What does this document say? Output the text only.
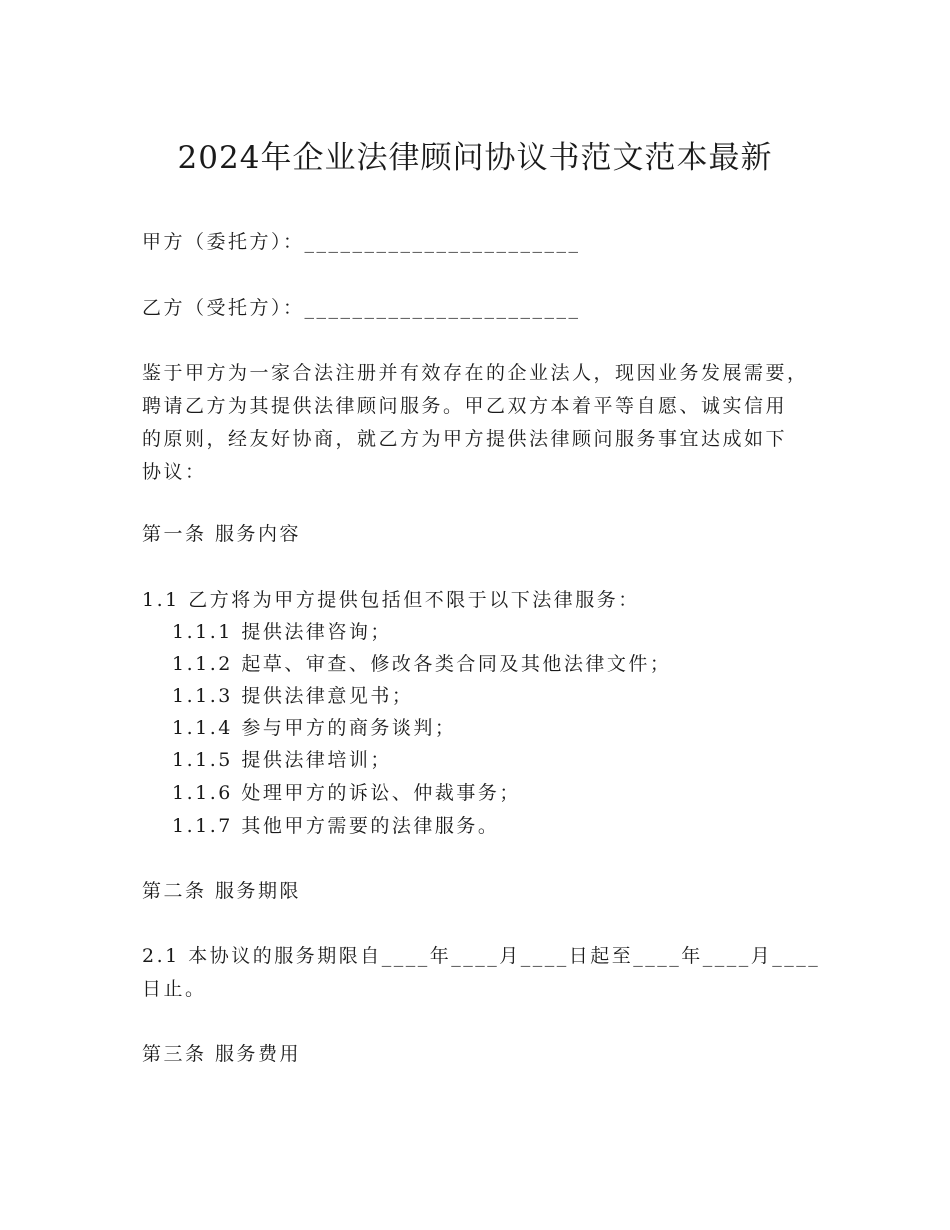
2024年企业法律顾问协议书范文范本最新
甲方（委托方）：_______________________
乙方（受托方）：_______________________
鉴于甲方为一家合法注册并有效存在的企业法人，现因业务发展需要，
聘请乙方为其提供法律顾问服务。甲乙双方本着平等自愿、诚实信用
的原则，经友好协商，就乙方为甲方提供法律顾问服务事宜达成如下
协议：
第一条 服务内容
1.1 乙方将为甲方提供包括但不限于以下法律服务：
1.1.1 提供法律咨询；
1.1.2 起草、审查、修改各类合同及其他法律文件；
1.1.3 提供法律意见书；
1.1.4 参与甲方的商务谈判；
1.1.5 提供法律培训；
1.1.6 处理甲方的诉讼、仲裁事务；
1.1.7 其他甲方需要的法律服务。
第二条 服务期限
2.1 本协议的服务期限自____年____月____日起至____年____月____
日止。
第三条 服务费用
